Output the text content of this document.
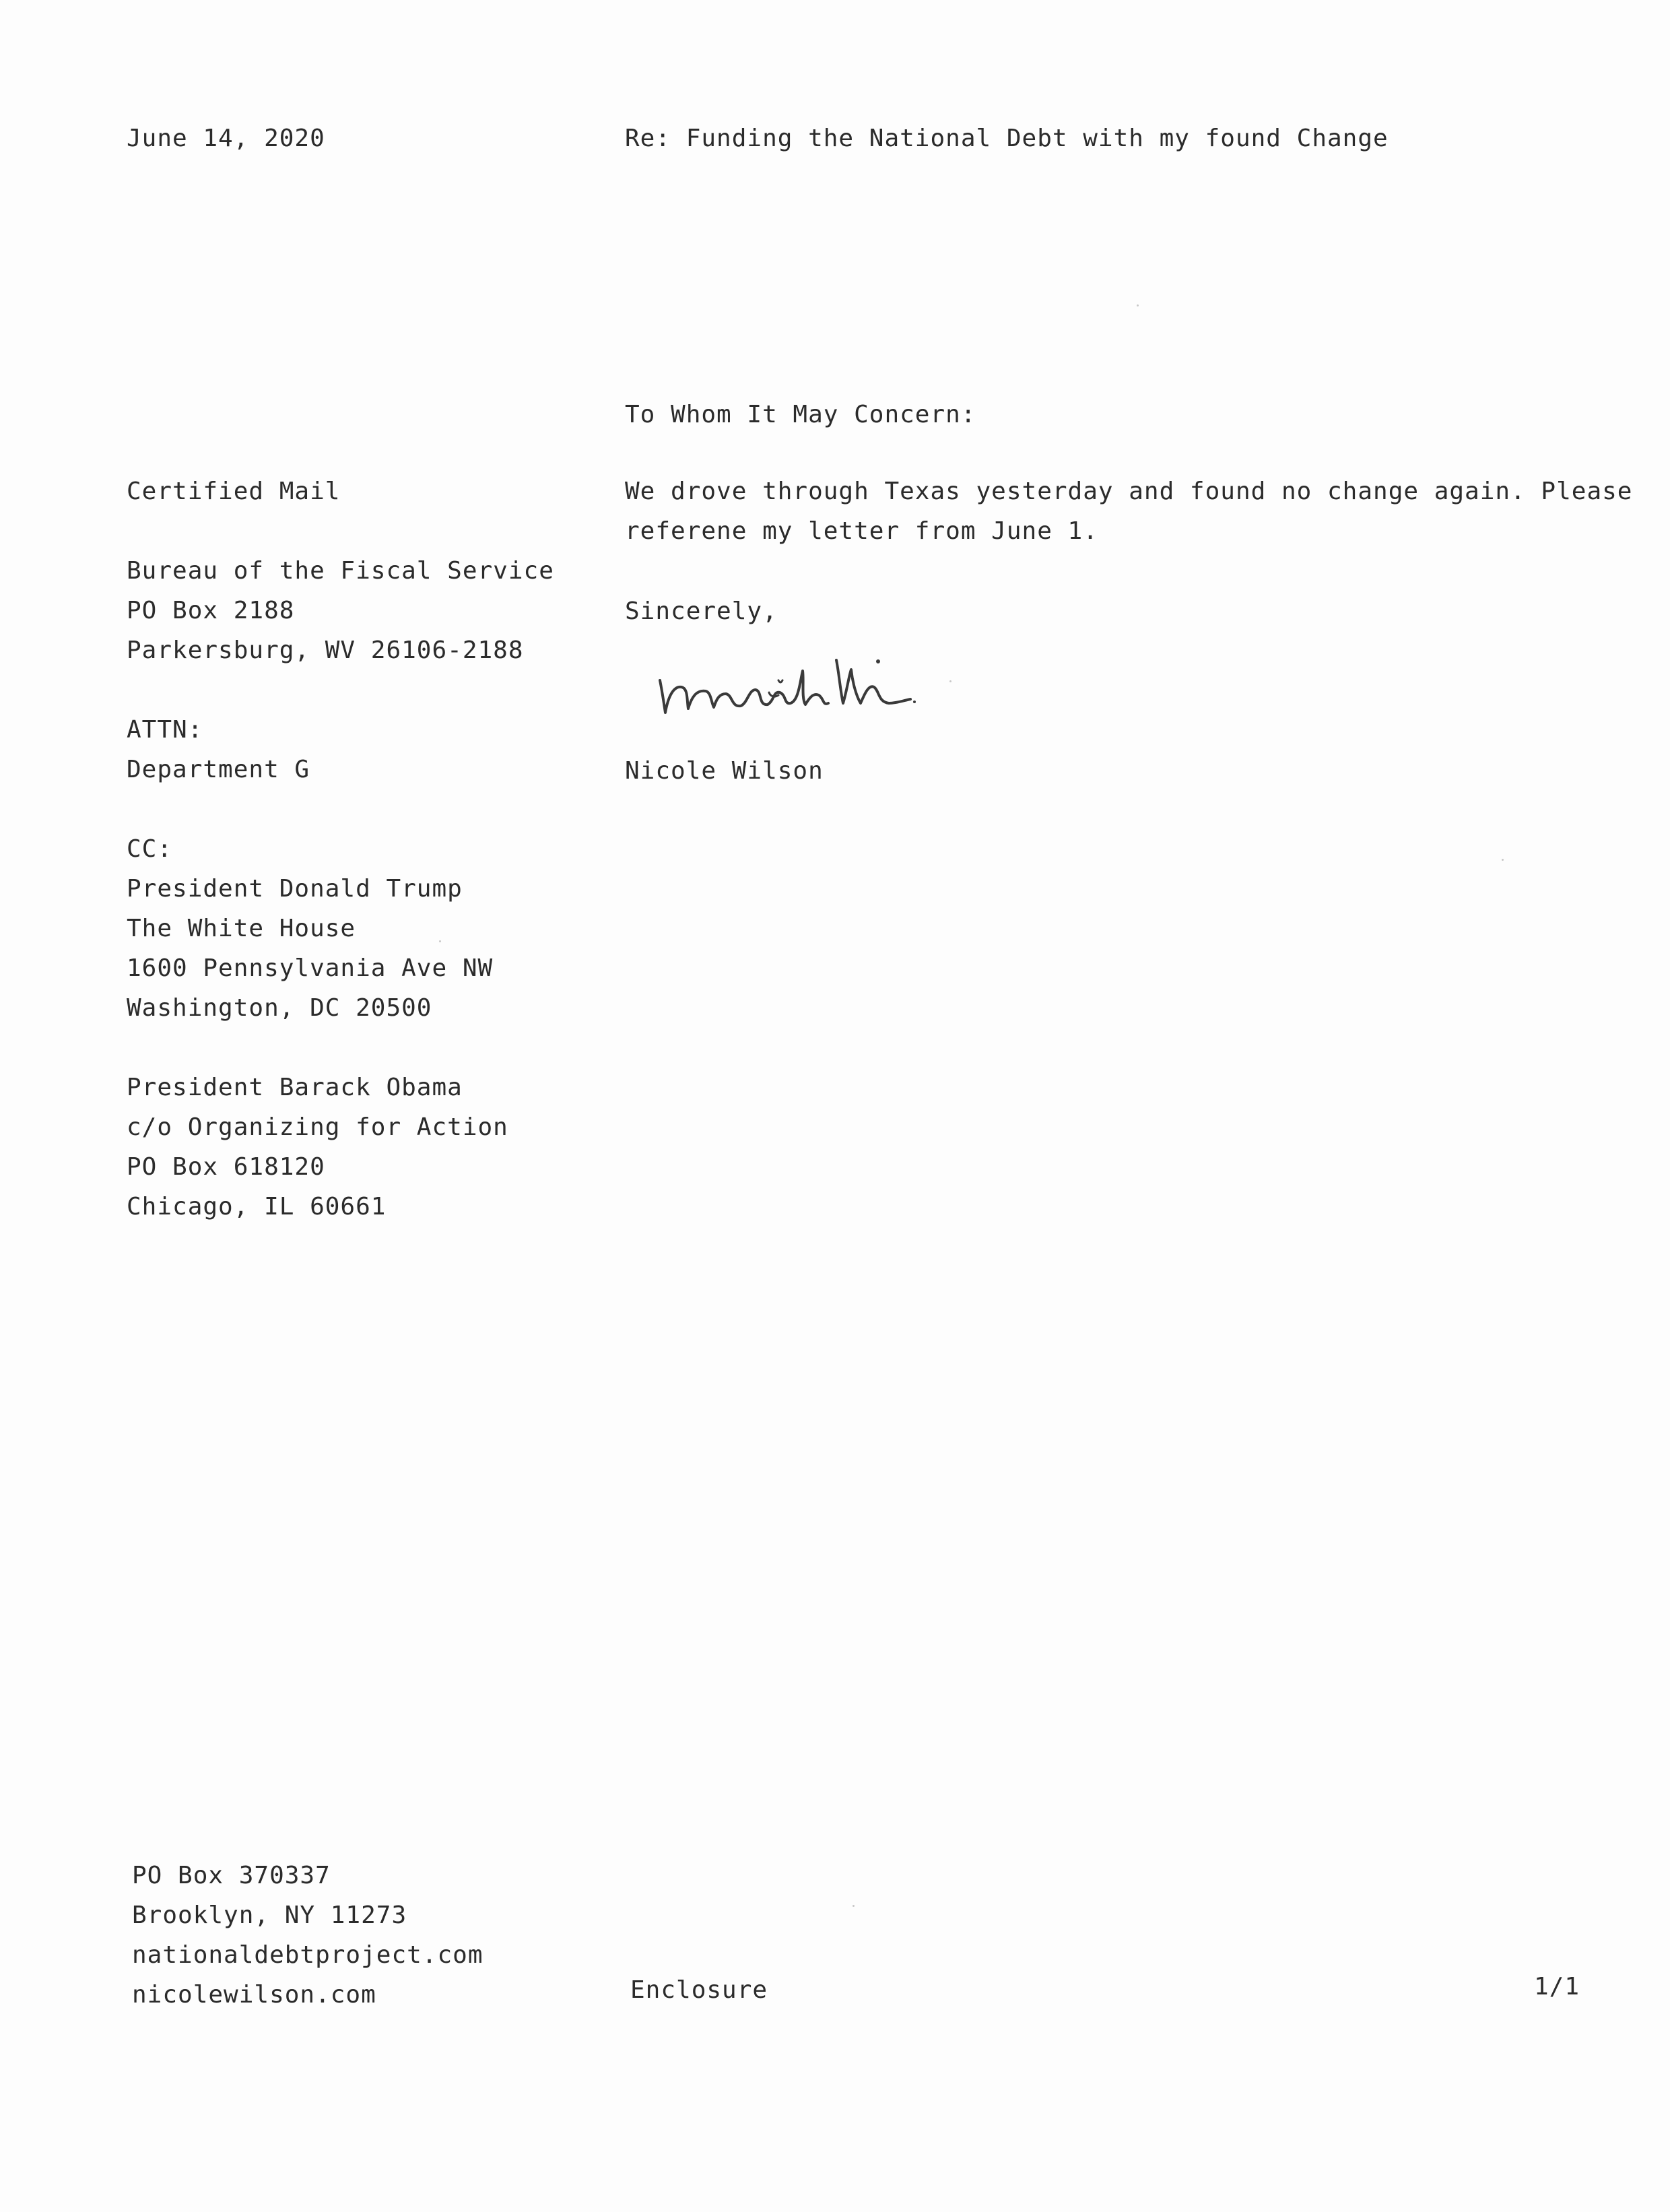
June 14, 2020	Re: Funding the National Debt with my found Change
To Whom It May Concern:
Certified Mail
Bureau of the Fiscal Service
PO Box 2188
Parkersburg, WV 26106-2188
ATTN:
Department G
CC:
President Donald Trump
The White House
1600 Pennsylvania Ave NW
Washington, DC 20500
President Barack Obama
c/o Organizing for Action
PO Box 618120
Chicago, IL 60661
We drove through Texas yesterday and found no change again. Please
referene my letter from June 1.
Sincerely,
Nicole Wilson
PO Box 370337
Brooklyn, NY 11273
nationaldebtproject.com
nicolewilson.com	Enclosure	1/1
